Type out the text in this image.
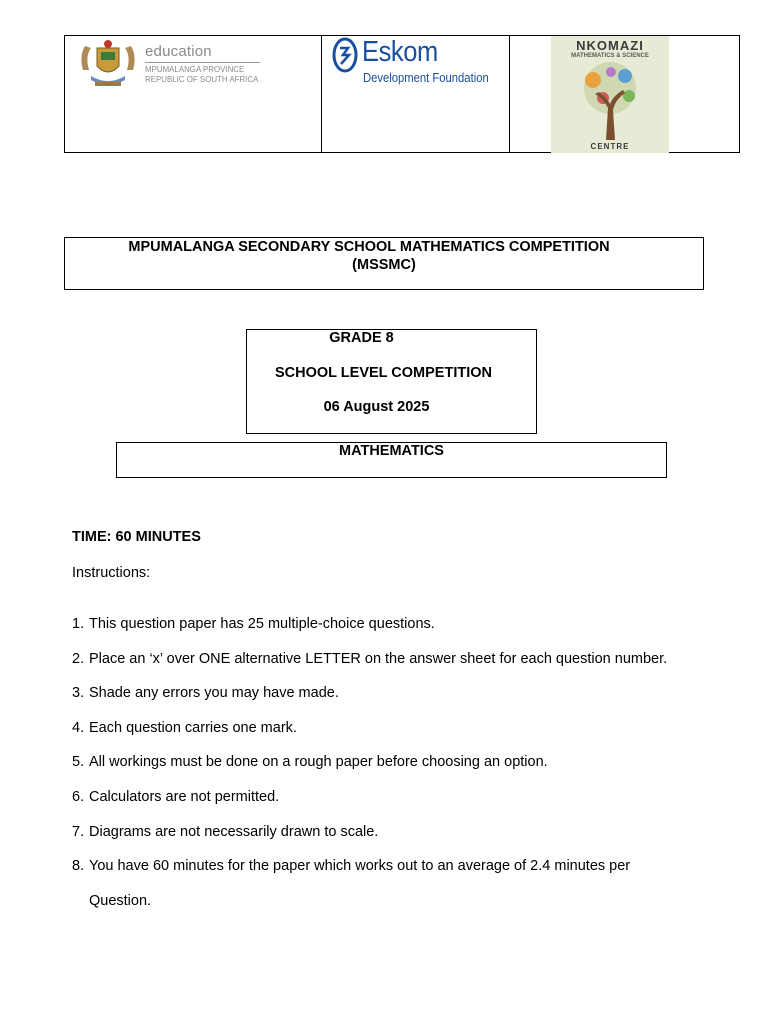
education
MPUMALANGA PROVINCE
REPUBLIC OF SOUTH AFRICA
Eskom
Development Foundation
NKOMAZI
MATHEMATICS & SCIENCE
CENTRE
MPUMALANGA SECONDARY SCHOOL MATHEMATICS COMPETITION
(MSSMC)
GRADE 8
SCHOOL LEVEL COMPETITION
06 August 2025
MATHEMATICS
TIME: 60 MINUTES
Instructions:
1. This question paper has 25 multiple-choice questions.
2. Place an ‘x’ over ONE alternative LETTER on the answer sheet for each question number.
3. Shade any errors you may have made.
4. Each question carries one mark.
5. All workings must be done on a rough paper before choosing an option.
6. Calculators are not permitted.
7. Diagrams are not necessarily drawn to scale.
8. You have 60 minutes for the paper which works out to an average of 2.4 minutes per Question.
